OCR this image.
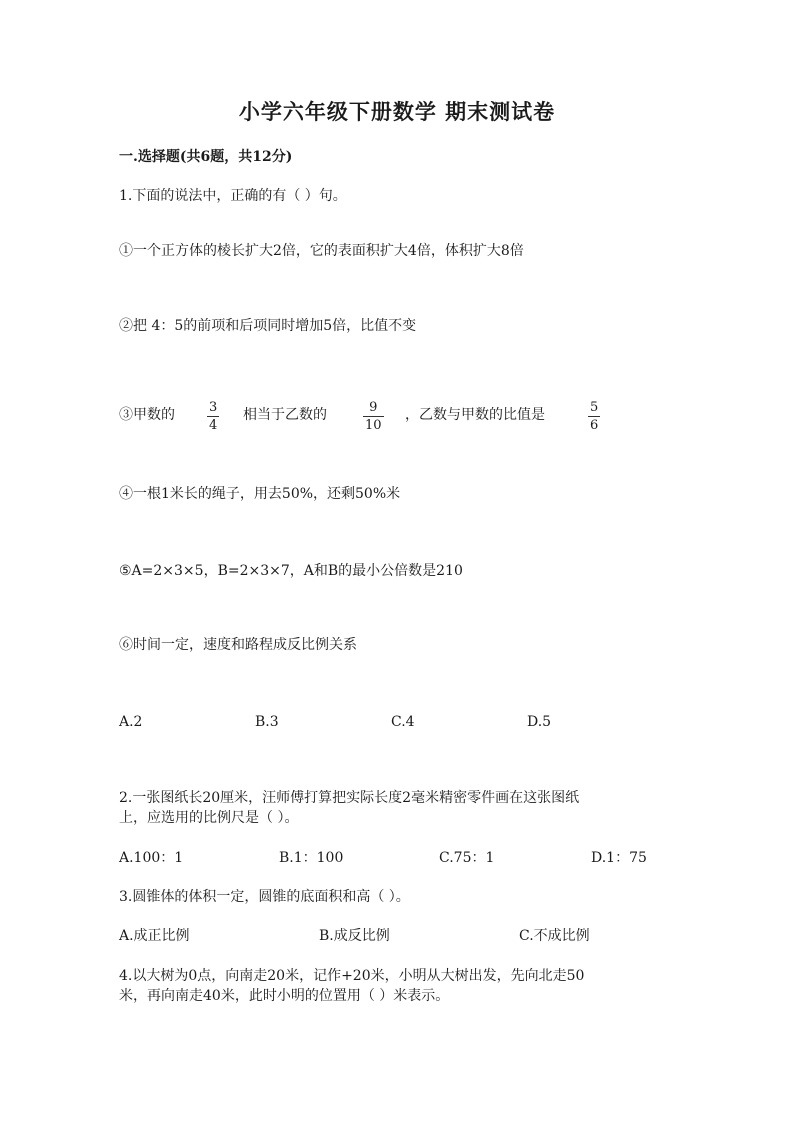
小学六年级下册数学 期末测试卷
一.选择题(共6题，共12分)
1.下面的说法中，正确的有（ ）句。
①一个正方体的棱长扩大2倍，它的表面积扩大4倍，体积扩大8倍
②把 4：5的前项和后项同时增加5倍，比值不变
③甲数的	3
4
相当于乙数的	9
10
，乙数与甲数的比值是	5
6
④一根1米长的绳子，用去50%，还剩50%米
⑤A=2×3×5，B=2×3×7，A和B的最小公倍数是210
⑥时间一定，速度和路程成反比例关系
A.2	B.3	C.4	D.5
2.一张图纸长20厘米，汪师傅打算把实际长度2毫米精密零件画在这张图纸
上，应选用的比例尺是（ ）。
A.100：1	B.1：100	C.75：1	D.1：75
3.圆锥体的体积一定，圆锥的底面积和高（ ）。
A.成正比例	B.成反比例	C.不成比例
4.以大树为0点，向南走20米，记作+20米，小明从大树出发，先向北走50
米，再向南走40米，此时小明的位置用（ ）米表示。
